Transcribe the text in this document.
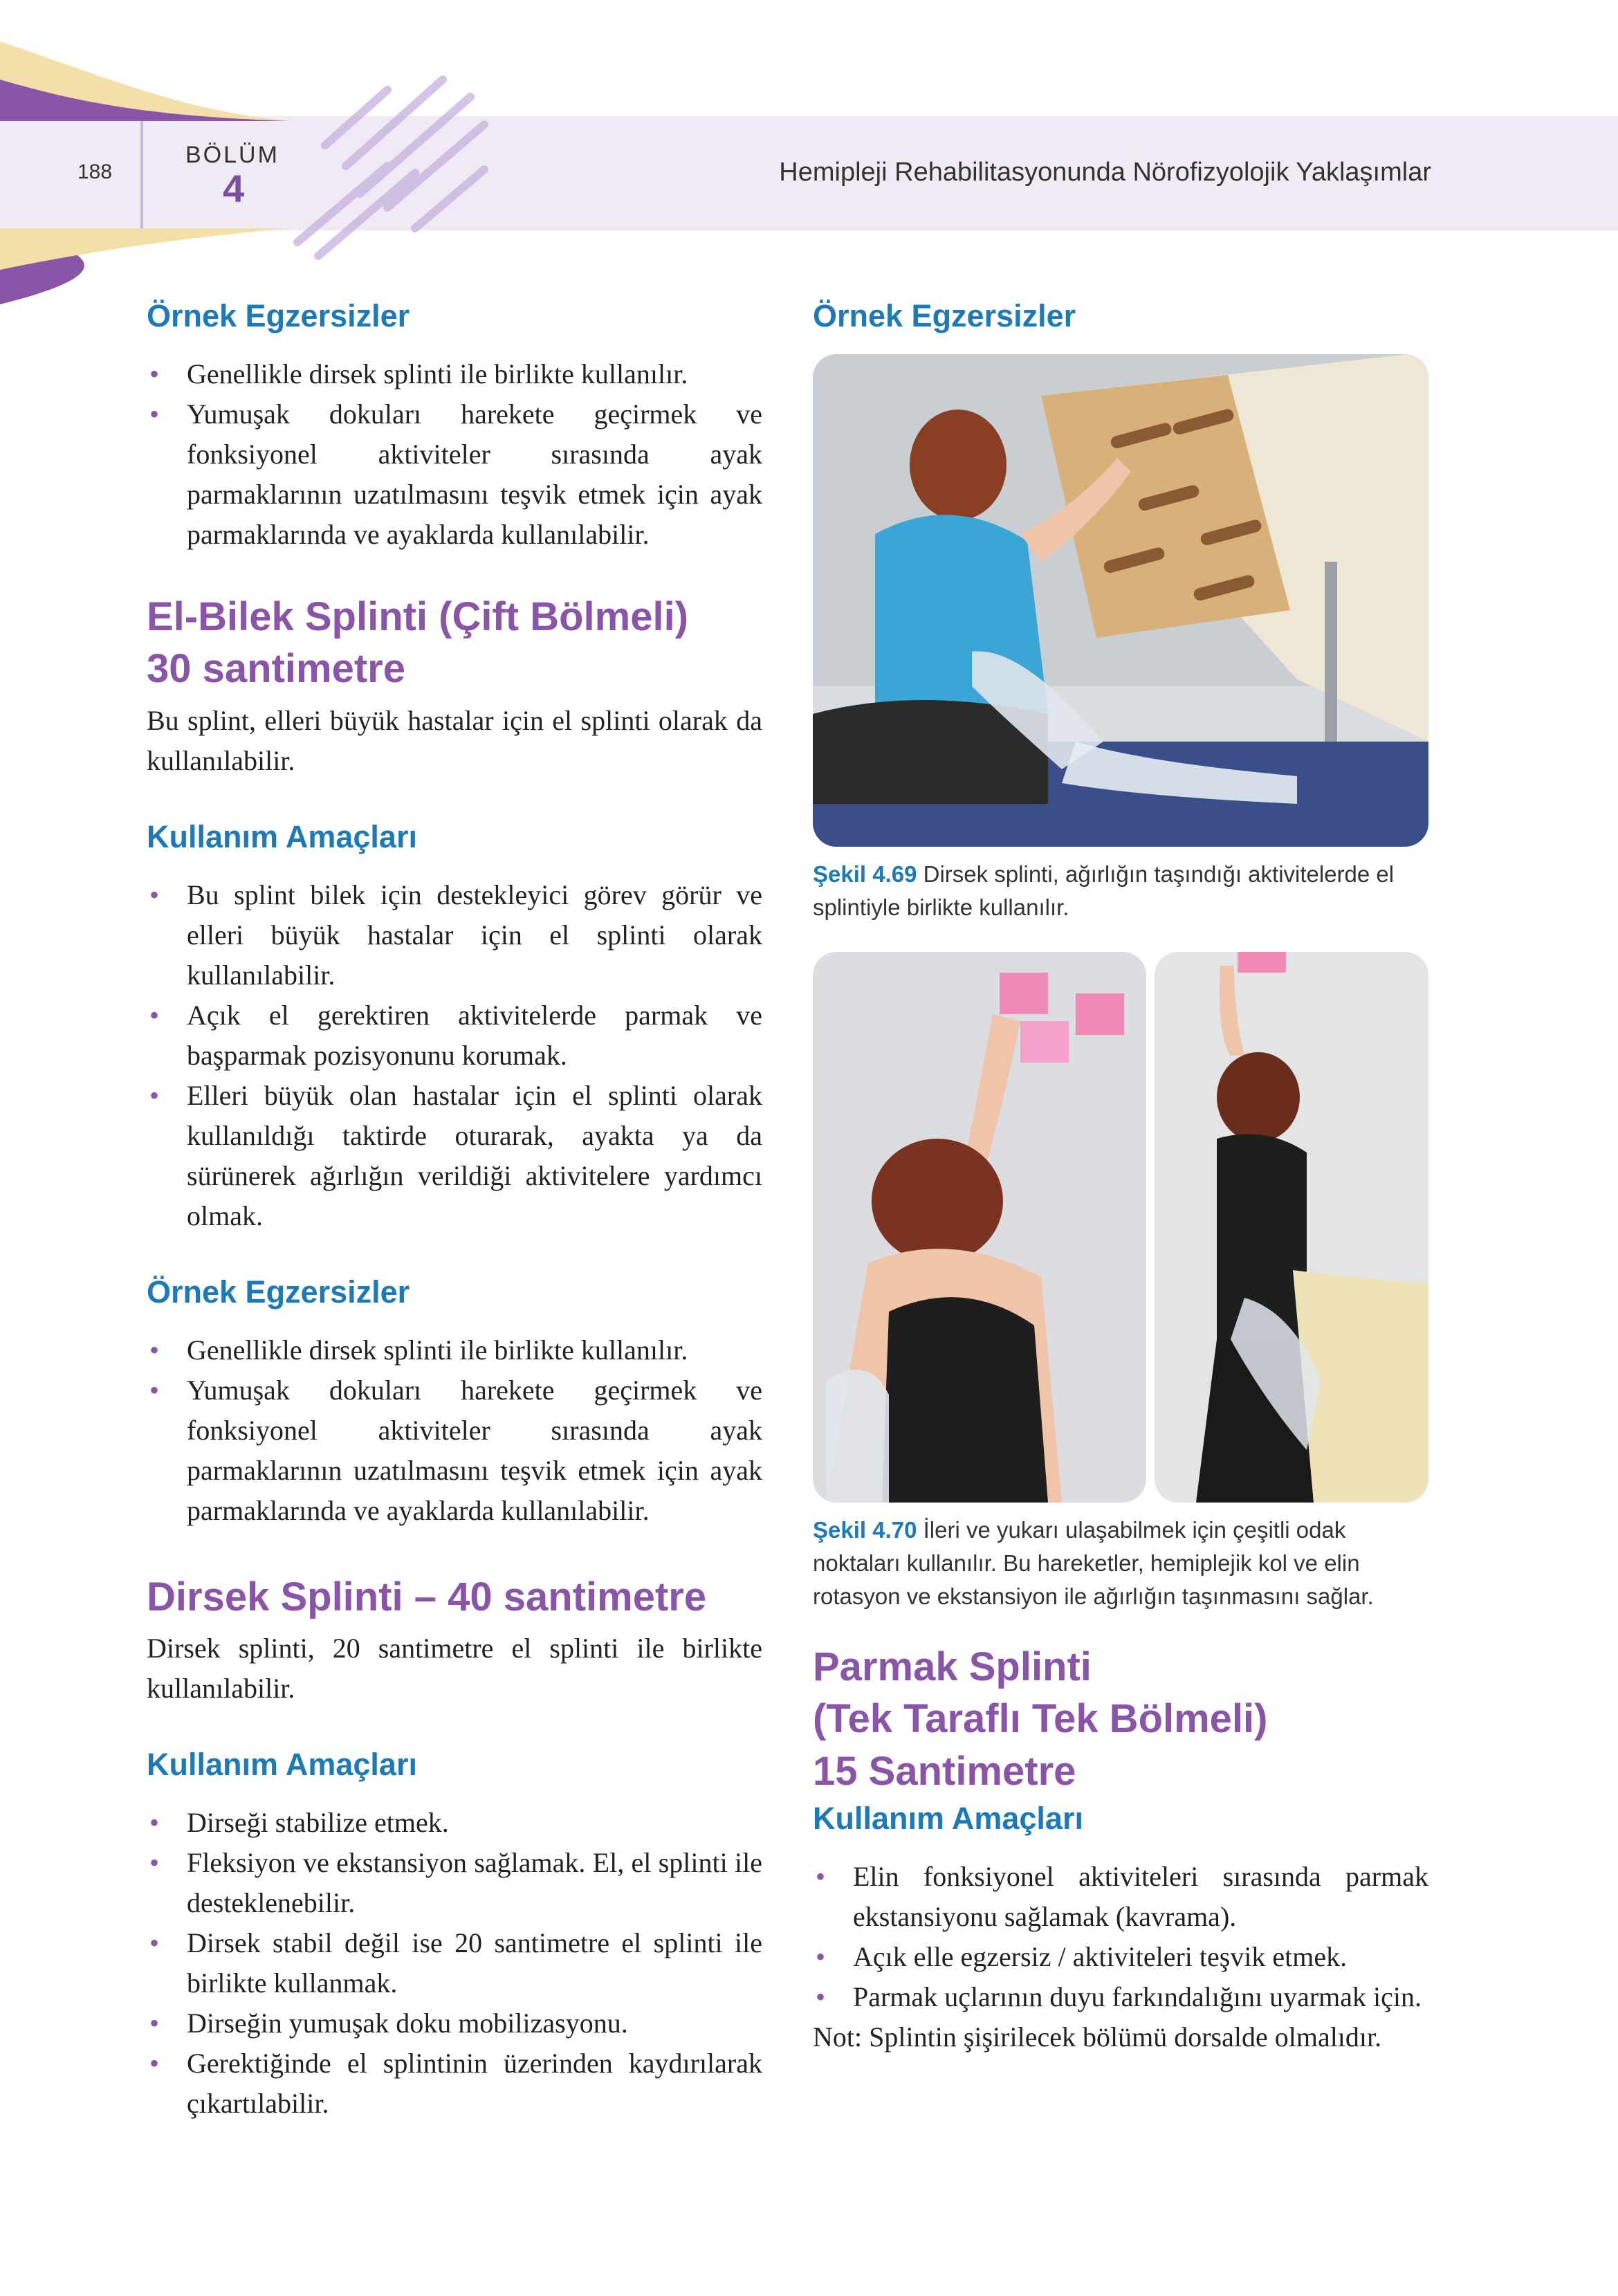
188
BÖLÜM
4	Hemipleji Rehabilitasyonunda Nörofizyolojik Yaklaşımlar
Örnek Egzersizler
• Genellikle dirsek splinti ile birlikte kullanılır.
• Yumuşak dokuları harekete geçirmek ve fonksiyonel aktiviteler sırasında ayak parmaklarının uzatılmasını teşvik etmek için ayak parmaklarında ve ayaklarda kullanılabilir.
El-Bilek Splinti (Çift Bölmeli)
30 santimetre

Bu splint, elleri büyük hastalar için el splinti olarak da kullanılabilir.

Kullanım Amaçları
• Bu splint bilek için destekleyici görev görür ve elleri büyük hastalar için el splinti olarak kullanılabilir.
• Açık el gerektiren aktivitelerde parmak ve başparmak pozisyonunu korumak.
• Elleri büyük olan hastalar için el splinti olarak kullanıldığı taktirde oturarak, ayakta ya da sürünerek ağırlığın verildiği aktivitelere yardımcı olmak.
Örnek Egzersizler
• Genellikle dirsek splinti ile birlikte kullanılır.
• Yumuşak dokuları harekete geçirmek ve fonksiyonel aktiviteler sırasında ayak parmaklarının uzatılmasını teşvik etmek için ayak parmaklarında ve ayaklarda kullanılabilir.
Dirsek Splinti – 40 santimetre

Dirsek splinti, 20 santimetre el splinti ile birlikte kullanılabilir.

Kullanım Amaçları
• Dirseği stabilize etmek.
• Fleksiyon ve ekstansiyon sağlamak. El, el splinti ile desteklenebilir.
• Dirsek stabil değil ise 20 santimetre el splinti ile birlikte kullanmak.
• Dirseğin yumuşak doku mobilizasyonu.
• Gerektiğinde el splintinin üzerinden kaydırılarak çıkartılabilir.
Örnek Egzersizler

Şekil 4.69 Dirsek splinti, ağırlığın taşındığı aktivitelerde el splintiyle birlikte kullanılır.

Şekil 4.70 İleri ve yukarı ulaşabilmek için çeşitli odak noktaları kullanılır. Bu hareketler, hemiplejik kol ve elin rotasyon ve ekstansiyon ile ağırlığın taşınmasını sağlar.

Parmak Splinti
(Tek Taraflı Tek Bölmeli)
15 Santimetre
Kullanım Amaçları
• Elin fonksiyonel aktiviteleri sırasında parmak ekstansiyonu sağlamak (kavrama).
• Açık elle egzersiz / aktiviteleri teşvik etmek.
• Parmak uçlarının duyu farkındalığını uyarmak için.

Not: Splintin şişirilecek bölümü dorsalde olmalıdır.
